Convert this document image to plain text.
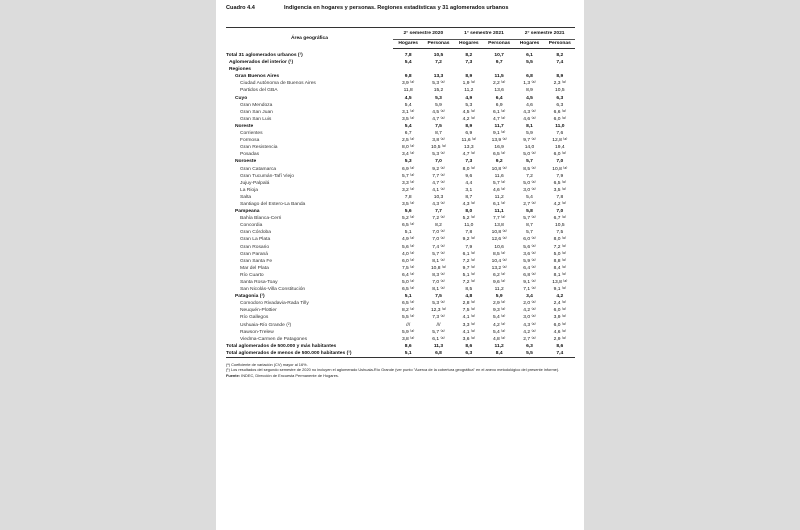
Cuadro 4.4	Indigencia en hogares y personas. Regiones estadísticas y 31 aglomerados urbanos

Área geográfica	2° semestre 2020		1° semestre 2021		2° semestre 2021	
	Hogares	Personas	Hogares	Personas	Hogares	Personas

Total 31 aglomerados urbanos (¹)	7,8	10,5	8,2	10,7	6,1	8,2
Aglomerados del interior (¹)	5,4	7,2	7,3	9,7	5,5	7,4
Regiones						
Gran Buenos Aires	9,8	13,3	8,9	11,5	6,8	8,9
Ciudad Autónoma de Buenos Aires	3,9 ⁽ᵃ⁾	5,3 ⁽ᵃ⁾	1,9 ⁽ᵃ⁾	2,2 ⁽ᵃ⁾	1,3 ⁽ᵃ⁾	2,3 ⁽ᵃ⁾
Partidos del GBA	11,8	15,2	11,2	13,6	8,9	10,5
Cuyo	4,5	5,3	4,9	6,4	4,5	6,3
Gran Mendoza	5,4	5,9	5,3	6,9	4,6	6,3
Gran San Juan	3,1 ⁽ᵃ⁾	4,5 ⁽ᵃ⁾	4,5 ⁽ᵃ⁾	6,1 ⁽ᵃ⁾	4,3 ⁽ᵃ⁾	6,6 ⁽ᵃ⁾
Gran San Luis	3,5 ⁽ᵃ⁾	4,7 ⁽ᵃ⁾	4,2 ⁽ᵃ⁾	4,7 ⁽ᵃ⁾	4,6 ⁽ᵃ⁾	6,0 ⁽ᵃ⁾
Noreste	5,4	7,5	8,9	11,7	8,1	11,0
Corrientes	6,7	8,7	6,9	9,1 ⁽ᵃ⁾	5,9	7,6
Formosa	2,5 ⁽ᵃ⁾	3,8 ⁽ᵃ⁾	11,6 ⁽ᵃ⁾	13,9 ⁽ᵃ⁾	9,7 ⁽ᵃ⁾	12,8 ⁽ᵃ⁾
Gran Resistencia	8,0 ⁽ᵃ⁾	10,5 ⁽ᵃ⁾	13,3	16,9	14,0	19,4
Posadas	3,4 ⁽ᵃ⁾	5,3 ⁽ᵃ⁾	4,7 ⁽ᵃ⁾	6,5 ⁽ᵃ⁾	5,0 ⁽ᵃ⁾	6,0 ⁽ᵃ⁾
Noroeste	5,3	7,0	7,3	9,2	5,7	7,0
Gran Catamarca	6,9 ⁽ᵃ⁾	9,2 ⁽ᵃ⁾	8,0 ⁽ᵃ⁾	10,8 ⁽ᵃ⁾	8,5 ⁽ᵃ⁾	10,8 ⁽ᵃ⁾
Gran Tucumán-Tafí Viejo	5,7 ⁽ᵃ⁾	7,7 ⁽ᵃ⁾	9,6	11,6	7,2	7,9
Jujuy-Palpalá	3,3 ⁽ᵃ⁾	4,7 ⁽ᵃ⁾	4,4	5,7 ⁽ᵃ⁾	5,0 ⁽ᵃ⁾	6,5 ⁽ᵃ⁾
La Rioja	3,2 ⁽ᵃ⁾	4,1 ⁽ᵃ⁾	3,1	4,6 ⁽ᵃ⁾	3,0 ⁽ᵃ⁾	3,5 ⁽ᵃ⁾
Salta	7,8	10,3	8,7	11,2	5,4	7,8
Santiago del Estero-La Banda	3,5 ⁽ᵃ⁾	4,3 ⁽ᵃ⁾	4,3 ⁽ᵃ⁾	6,1 ⁽ᵃ⁾	2,7 ⁽ᵃ⁾	4,2 ⁽ᵃ⁾
Pampeana	5,6	7,7	8,0	11,1	5,8	7,0
Bahía Blanca-Cerri	5,2 ⁽ᵃ⁾	7,2 ⁽ᵃ⁾	5,2 ⁽ᵃ⁾	7,7 ⁽ᵃ⁾	5,7 ⁽ᵃ⁾	6,7 ⁽ᵃ⁾
Concordia	6,5 ⁽ᵃ⁾	8,2	11,0	13,8	8,7	10,5
Gran Córdoba	5,1	7,0 ⁽ᵃ⁾	7,8	10,8 ⁽ᵃ⁾	5,7	7,5
Gran La Plata	4,9 ⁽ᵃ⁾	7,0 ⁽ᵃ⁾	9,2 ⁽ᵃ⁾	12,6 ⁽ᵃ⁾	6,0 ⁽ᵃ⁾	8,0 ⁽ᵃ⁾
Gran Rosario	5,6 ⁽ᵃ⁾	7,4 ⁽ᵃ⁾	7,9	10,6	5,6 ⁽ᵃ⁾	7,2 ⁽ᵃ⁾
Gran Paraná	4,0 ⁽ᵃ⁾	5,7 ⁽ᵃ⁾	6,1 ⁽ᵃ⁾	8,5 ⁽ᵃ⁾	3,6 ⁽ᵃ⁾	5,0 ⁽ᵃ⁾
Gran Santa Fe	6,0 ⁽ᵃ⁾	8,1 ⁽ᵃ⁾	7,2 ⁽ᵃ⁾	10,4 ⁽ᵃ⁾	5,9 ⁽ᵃ⁾	8,8 ⁽ᵃ⁾
Mar del Plata	7,5 ⁽ᵃ⁾	10,8 ⁽ᵃ⁾	9,7 ⁽ᵃ⁾	13,2 ⁽ᵃ⁾	6,4 ⁽ᵃ⁾	8,4 ⁽ᵃ⁾
Río Cuarto	6,4 ⁽ᵃ⁾	8,3 ⁽ᵃ⁾	5,1 ⁽ᵃ⁾	6,2 ⁽ᵃ⁾	6,8 ⁽ᵃ⁾	8,1 ⁽ᵃ⁾
Santa Rosa-Toay	5,0 ⁽ᵃ⁾	7,0 ⁽ᵃ⁾	7,2 ⁽ᵃ⁾	9,6 ⁽ᵃ⁾	9,1 ⁽ᵃ⁾	13,8 ⁽ᵃ⁾
San Nicolás-Villa Constitución	6,5 ⁽ᵃ⁾	8,1 ⁽ᵃ⁾	8,5	11,2	7,1 ⁽ᵃ⁾	9,1 ⁽ᵃ⁾
Patagonia (¹)	5,1	7,5	4,8	5,9	3,4	4,2
Comodoro Rivadavia-Rada Tilly	6,5 ⁽ᵃ⁾	5,3 ⁽ᵃ⁾	2,8 ⁽ᵃ⁾	2,9 ⁽ᵃ⁾	2,0 ⁽ᵃ⁾	2,4 ⁽ᵃ⁾
Neuquén-Plottier	8,2 ⁽ᵃ⁾	12,3 ⁽ᵃ⁾	7,5 ⁽ᵃ⁾	9,3 ⁽ᵃ⁾	4,2 ⁽ᵃ⁾	6,0 ⁽ᵃ⁾
Río Gallegos	5,5 ⁽ᵃ⁾	7,3 ⁽ᵃ⁾	4,1 ⁽ᵃ⁾	5,4 ⁽ᵃ⁾	3,0 ⁽ᵃ⁾	3,9 ⁽ᵃ⁾
Ushuaia-Río Grande (²)	///	///	3,3 ⁽ᵃ⁾	4,2 ⁽ᵃ⁾	4,3 ⁽ᵃ⁾	6,0 ⁽ᵃ⁾
Rawson-Trelew	5,9 ⁽ᵃ⁾	5,7 ⁽ᵃ⁾	4,1 ⁽ᵃ⁾	5,4 ⁽ᵃ⁾	4,2 ⁽ᵃ⁾	4,6 ⁽ᵃ⁾
Viedma-Carmen de Patagones	3,8 ⁽ᵃ⁾	6,1 ⁽ᵃ⁾	3,6 ⁽ᵃ⁾	4,8 ⁽ᵃ⁾	2,7 ⁽ᵃ⁾	2,9 ⁽ᵃ⁾
Total aglomerados de 500.000 y más habitantes	8,6	11,3	8,6	11,2	6,3	8,6
Total aglomerados de menos de 500.000 habitantes (¹)	5,1	6,8	6,3	8,4	5,5	7,4
(ᵃ) Coeficiente de variación (CV) mayor al 16%.
(¹) Los resultados del segundo semestre de 2020 no incluyen el aglomerado Ushuaia-Río Grande (ver punto "Acerca de la cobertura geográfica" en el anexo metodológico del presente informe).
Fuente: INDEC, Dirección de Encuesta Permanente de Hogares.
